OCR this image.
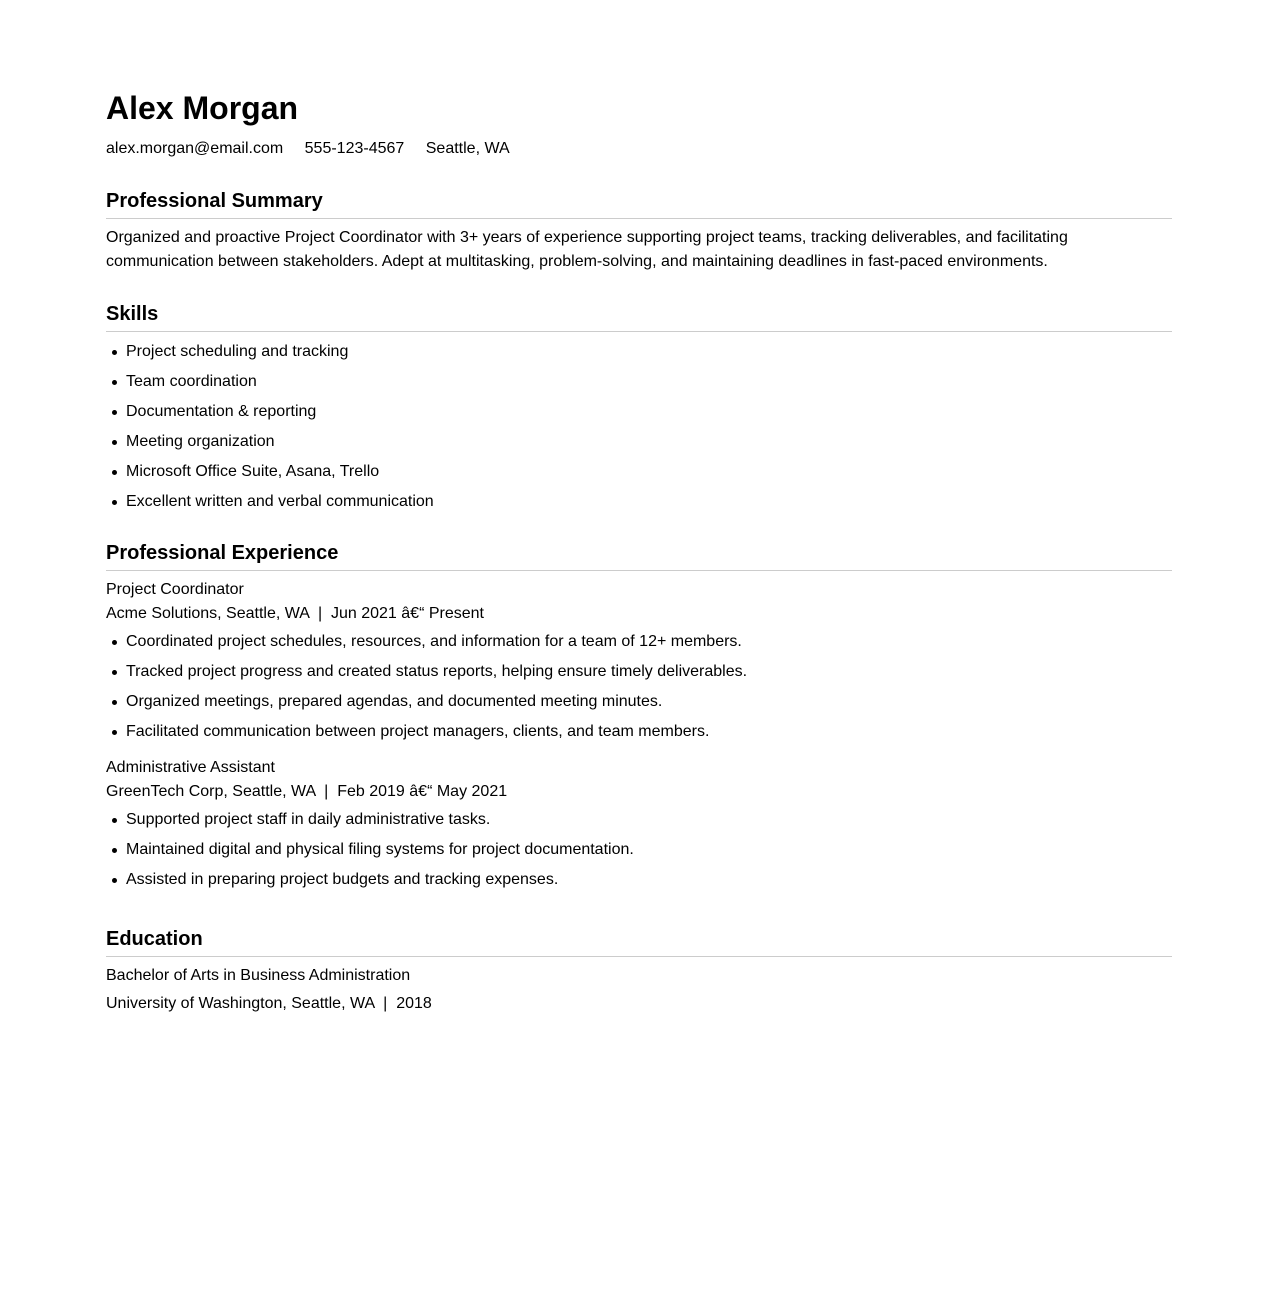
Alex Morgan
alex.morgan@email.com 555-123-4567 Seattle, WA
Professional Summary

Organized and proactive Project Coordinator with 3+ years of experience supporting project teams, tracking deliverables, and facilitating communication between stakeholders. Adept at multitasking, problem-solving, and maintaining deadlines in fast-paced environments.

Skills
Project scheduling and tracking
Team coordination
Documentation & reporting
Meeting organization
Microsoft Office Suite, Asana, Trello
Excellent written and verbal communication
Professional Experience
Project Coordinator
Acme Solutions, Seattle, WA  |  Jun 2021 â€“ Present
Coordinated project schedules, resources, and information for a team of 12+ members.
Tracked project progress and created status reports, helping ensure timely deliverables.
Organized meetings, prepared agendas, and documented meeting minutes.
Facilitated communication between project managers, clients, and team members.
Administrative Assistant
GreenTech Corp, Seattle, WA  |  Feb 2019 â€“ May 2021
Supported project staff in daily administrative tasks.
Maintained digital and physical filing systems for project documentation.
Assisted in preparing project budgets and tracking expenses.
Education
Bachelor of Arts in Business Administration
University of Washington, Seattle, WA  |  2018
